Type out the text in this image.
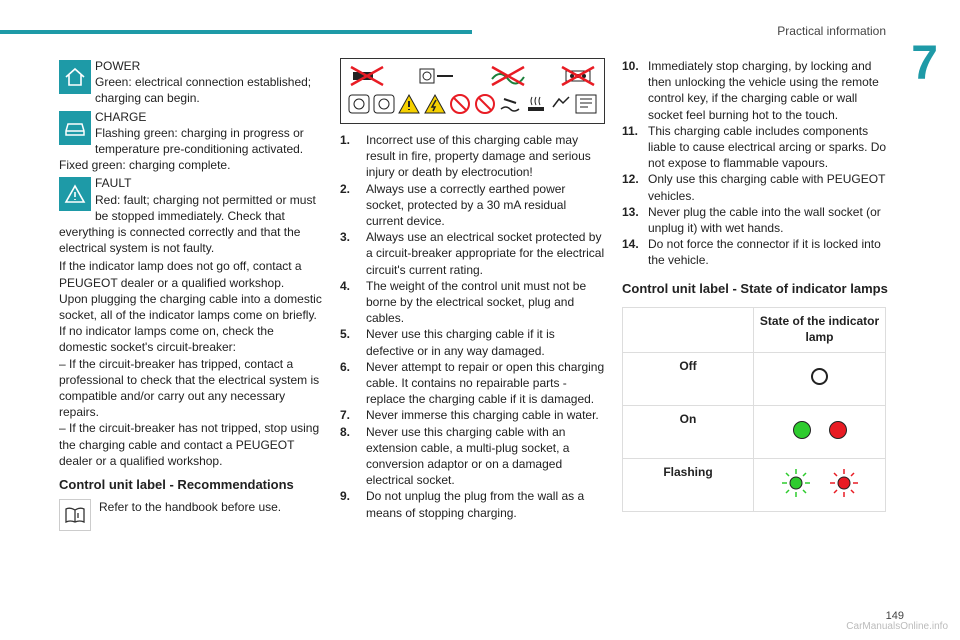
Practical information
7
POWER
Green: electrical connection established; charging can begin.
CHARGE
Flashing green: charging in progress or temperature pre-conditioning activated. Fixed green: charging complete.
FAULT
Red: fault; charging not permitted or must be stopped immediately. Check that everything is connected correctly and that the electrical system is not faulty.

If the indicator lamp does not go off, contact a PEUGEOT dealer or a qualified workshop.

Upon plugging the charging cable into a domestic socket, all of the indicator lamps come on briefly.

If no indicator lamps come on, check the domestic socket's circuit-breaker:

– If the circuit-breaker has tripped, contact a professional to check that the electrical system is compatible and/or carry out any necessary repairs.

– If the circuit-breaker has not tripped, stop using the charging cable and contact a PEUGEOT dealer or a qualified workshop.

Control unit label - Recommendations
Refer to the handbook before use.
1. Incorrect use of this charging cable may result in fire, property damage and serious injury or death by electrocution!
2. Always use a correctly earthed power socket, protected by a 30 mA residual current device.
3. Always use an electrical socket protected by a circuit-breaker appropriate for the electrical circuit's current rating.
4. The weight of the control unit must not be borne by the electrical socket, plug and cables.
5. Never use this charging cable if it is defective or in any way damaged.
6. Never attempt to repair or open this charging cable. It contains no repairable parts - replace the charging cable if it is damaged.
7. Never immerse this charging cable in water.
8. Never use this charging cable with an extension cable, a multi-plug socket, a conversion adaptor or on a damaged electrical socket.
9. Do not unplug the plug from the wall as a means of stopping charging.
10. Immediately stop charging, by locking and then unlocking the vehicle using the remote control key, if the charging cable or wall socket feel burning hot to the touch.
11. This charging cable includes components liable to cause electrical arcing or sparks. Do not expose to flammable vapours.
12. Only use this charging cable with PEUGEOT vehicles.
13. Never plug the cable into the wall socket (or unplug it) with wet hands.
14. Do not force the connector if it is locked into the vehicle.
Control unit label - State of indicator lamps
	State of the indicator lamp
Off	

On	

Flashing	
149
CarManualsOnline.info
